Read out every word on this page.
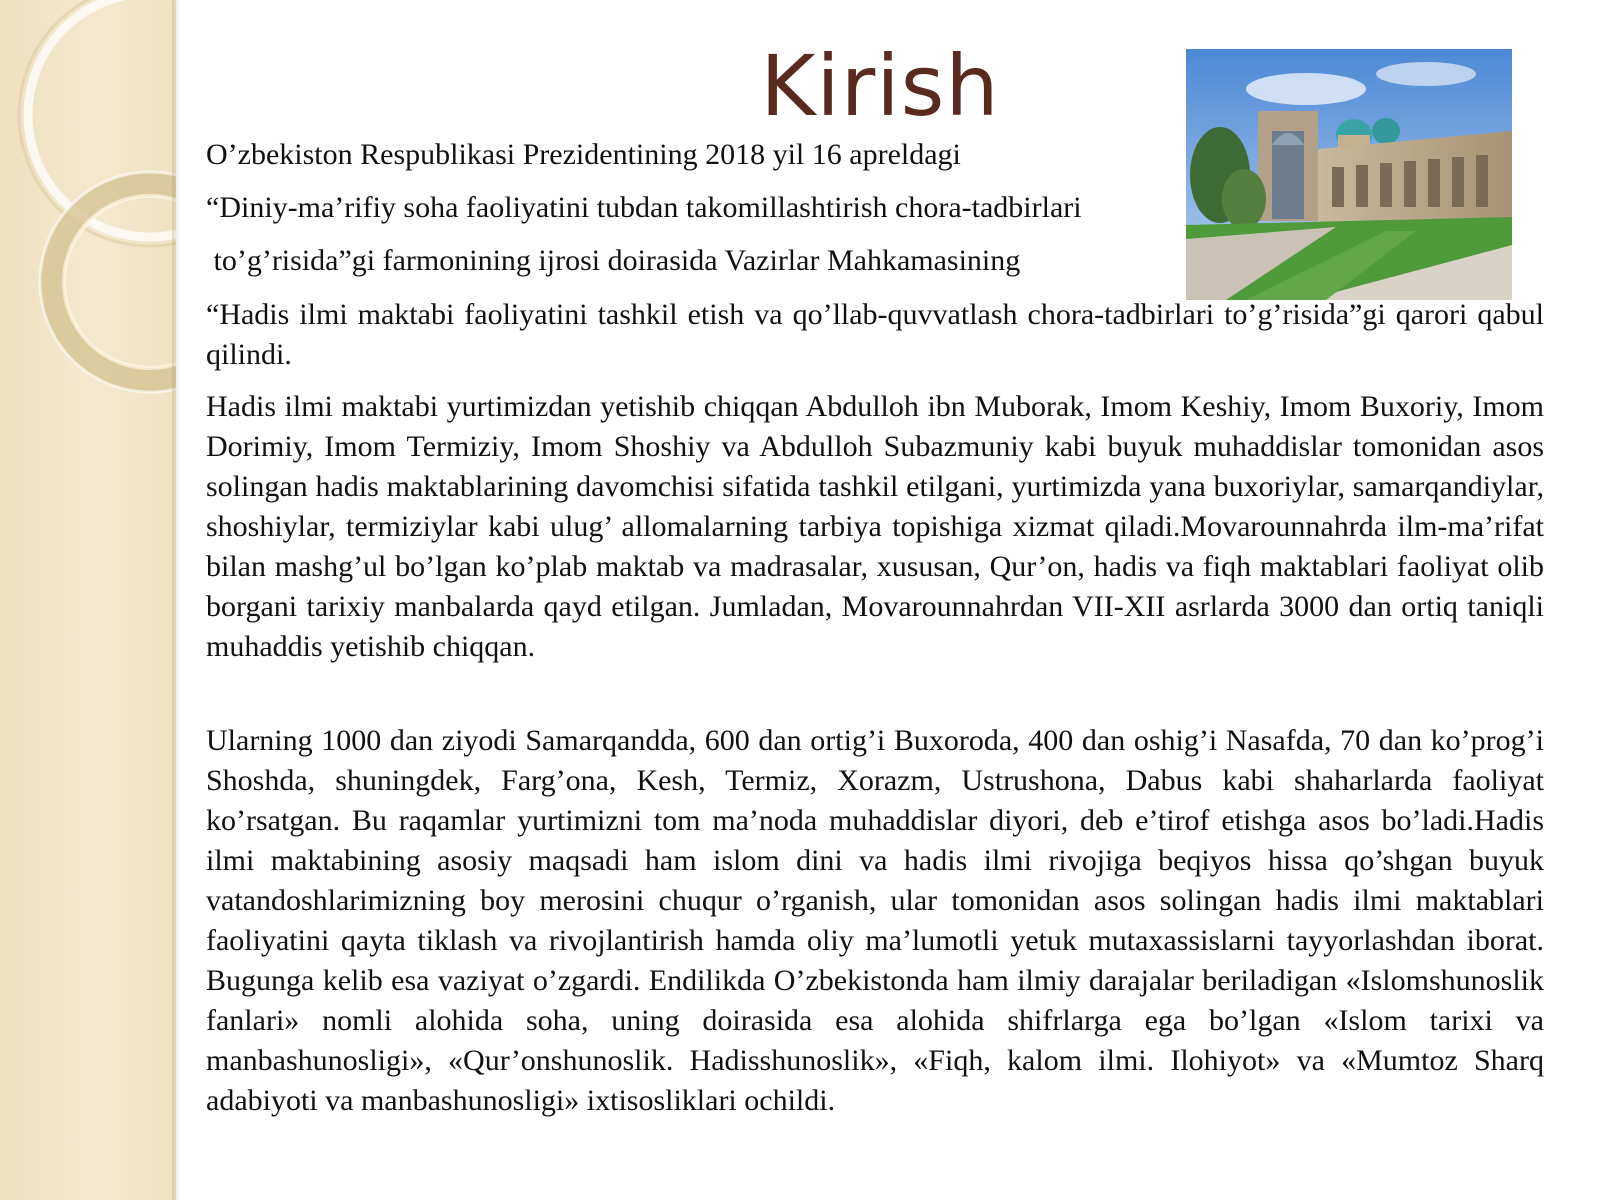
Kirish
O’zbekiston Respublikasi Prezidentining 2018 yil 16 apreldagi
“Diniy-ma’rifiy soha faoliyatini tubdan takomillashtirish chora-tadbirlari
to’g’risida”gi farmonining ijrosi doirasida Vazirlar Mahkamasining
“Hadis ilmi maktabi faoliyatini tashkil etish va qo’llab-quvvatlash chora-tadbirlari to’g’risida”gi qarori qabul qilindi.
Hadis ilmi maktabi yurtimizdan yetishib chiqqan Abdulloh ibn Muborak, Imom Keshiy, Imom Buxoriy, Imom Dorimiy, Imom Termiziy, Imom Shoshiy va Abdulloh Subazmuniy kabi buyuk muhaddislar tomonidan asos solingan hadis maktablarining davomchisi sifatida tashkil etilgani, yurtimizda yana buxoriylar, samarqandiylar, shoshiylar, termiziylar kabi ulug’ allomalarning tarbiya topishiga xizmat qiladi.Movarounnahrda ilm-ma’rifat bilan mashg’ul bo’lgan ko’plab maktab va madrasalar, xususan, Qur’on, hadis va fiqh maktablari faoliyat olib borgani tarixiy manbalarda qayd etilgan. Jumladan, Movarounnahrdan VII-XII asrlarda 3000 dan ortiq taniqli muhaddis yetishib chiqqan.
Ularning 1000 dan ziyodi Samarqandda, 600 dan ortig’i Buxoroda, 400 dan oshig’i Nasafda, 70 dan ko’prog’i Shoshda, shuningdek, Farg’ona, Kesh, Termiz, Xorazm, Ustrushona, Dabus kabi shaharlarda faoliyat ko’rsatgan. Bu raqamlar yurtimizni tom ma’noda muhaddislar diyori, deb e’tirof etishga asos bo’ladi.Hadis ilmi maktabining asosiy maqsadi ham islom dini va hadis ilmi rivojiga beqiyos hissa qo’shgan buyuk vatandoshlarimizning boy merosini chuqur o’rganish, ular tomonidan asos solingan hadis ilmi maktablari faoliyatini qayta tiklash va rivojlantirish hamda oliy ma’lumotli yetuk mutaxassislarni tayyorlashdan iborat. Bugunga kelib esa vaziyat o’zgardi. Endilikda O’zbekistonda ham ilmiy darajalar beriladigan «Islomshunoslik fanlari» nomli alohida soha, uning doirasida esa alohida shifrlarga ega bo’lgan «Islom tarixi va manbashunosligi», «Qur’onshunoslik. Hadisshunoslik», «Fiqh, kalom ilmi. Ilohiyot» va «Mumtoz Sharq adabiyoti va manbashunosligi» ixtisosliklari ochildi.
